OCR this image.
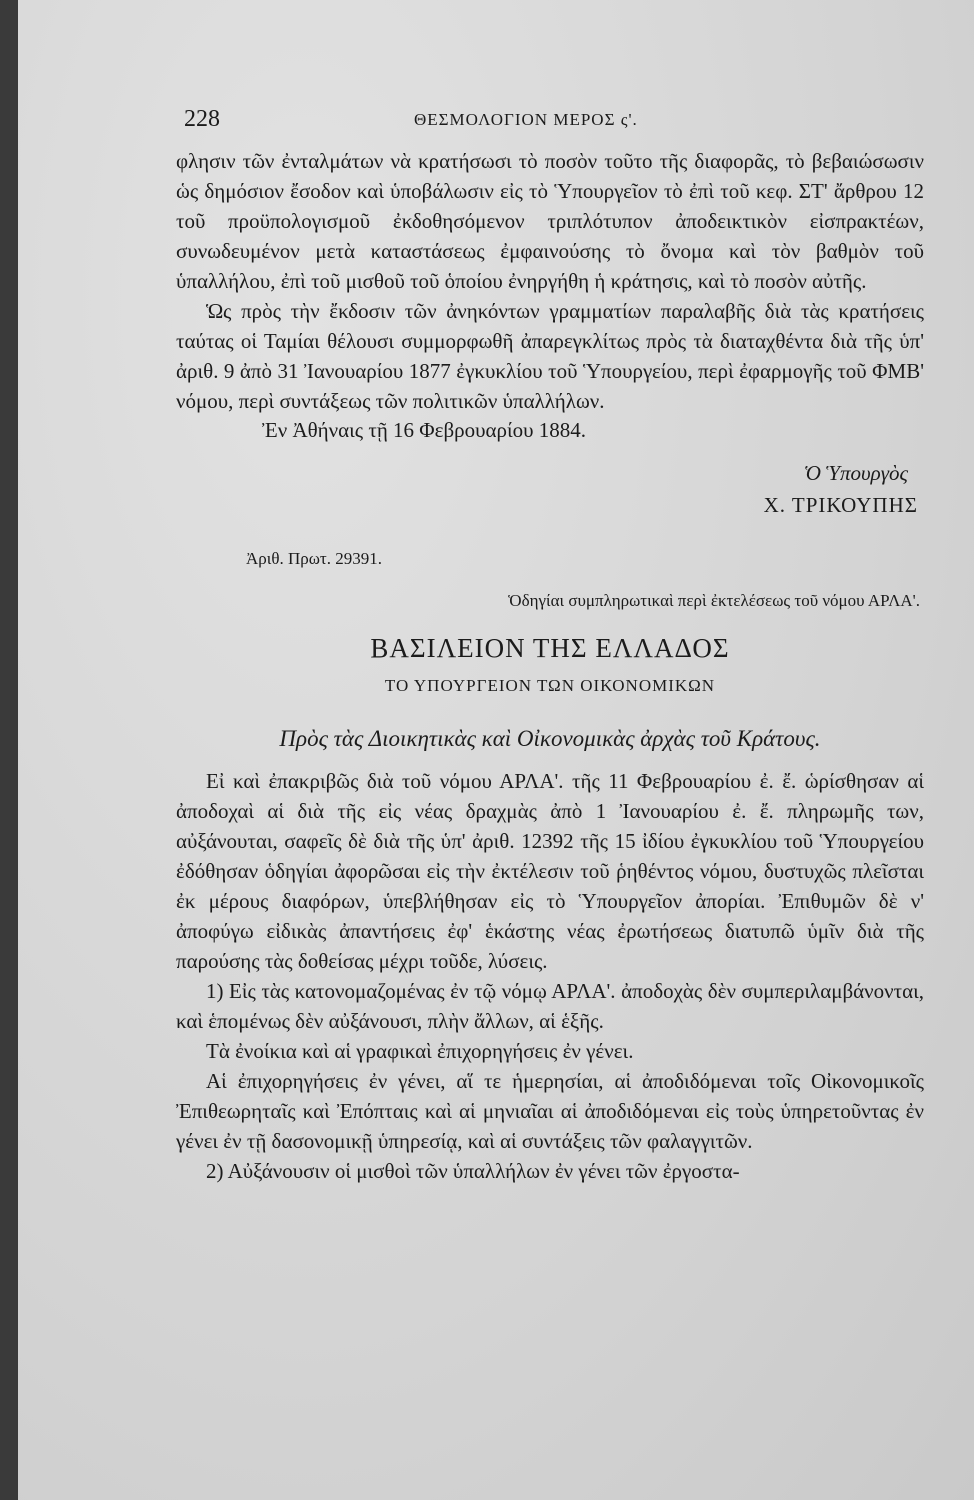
228	ΘΕΣΜΟΛΟΓΙΟΝ ΜΕΡΟΣ ς'.

φλησιν τῶν ἐνταλμάτων νὰ κρατήσωσι τὸ ποσὸν τοῦτο τῆς διαφορᾶς, τὸ βεβαιώσωσιν ὡς δημόσιον ἔσοδον καὶ ὑποβάλωσιν εἰς τὸ Ὑπουργεῖον τὸ ἐπὶ τοῦ κεφ. ΣΤ' ἄρθρου 12 τοῦ προϋπολογισμοῦ ἐκδοθησόμενον τριπλότυπον ἀποδεικτικὸν εἰσπρακτέων, συνωδευμένον μετὰ καταστάσεως ἐμφαινούσης τὸ ὄνομα καὶ τὸν βαθμὸν τοῦ ὑπαλλήλου, ἐπὶ τοῦ μισθοῦ τοῦ ὁποίου ἐνηργήθη ἡ κράτησις, καὶ τὸ ποσὸν αὐτῆς.

Ὡς πρὸς τὴν ἔκδοσιν τῶν ἀνηκόντων γραμματίων παραλαβῆς διὰ τὰς κρατήσεις ταύτας οἱ Ταμίαι θέλουσι συμμορφωθῆ ἀπαρεγκλίτως πρὸς τὰ διαταχθέντα διὰ τῆς ὑπ' ἀριθ. 9 ἀπὸ 31 Ἰανουαρίου 1877 ἐγκυκλίου τοῦ Ὑπουργείου, περὶ ἐφαρμογῆς τοῦ ΦΜΒ' νόμου, περὶ συντάξεως τῶν πολιτικῶν ὑπαλλήλων.

Ἐν Ἀθήναις τῇ 16 Φεβρουαρίου 1884.
Ὁ Ὑπουργὸς
Χ. ΤΡΙΚΟΥΠΗΣ
Ἀριθ. Πρωτ. 29391.
Ὁδηγίαι συμπληρωτικαὶ περὶ ἐκτελέσεως τοῦ νόμου ΑΡΛΑ'.
ΒΑΣΙΛΕΙΟΝ ΤΗΣ ΕΛΛΑΔΟΣ
ΤΟ ΥΠΟΥΡΓΕΙΟΝ ΤΩΝ ΟΙΚΟΝΟΜΙΚΩΝ
Πρὸς τὰς Διοικητικὰς καὶ Οἰκονομικὰς ἀρχὰς τοῦ Κράτους.

Εἰ καὶ ἐπακριβῶς διὰ τοῦ νόμου ΑΡΛΑ'. τῆς 11 Φεβρουαρίου ἐ. ἔ. ὡρίσθησαν αἱ ἀποδοχαὶ αἱ διὰ τῆς εἰς νέας δραχμὰς ἀπὸ 1 Ἰανουαρίου ἐ. ἔ. πληρωμῆς των, αὐξάνουται, σαφεῖς δὲ διὰ τῆς ὑπ' ἀριθ. 12392 τῆς 15 ἰδίου ἐγκυκλίου τοῦ Ὑπουργείου ἐδόθησαν ὁδηγίαι ἀφορῶσαι εἰς τὴν ἐκτέλεσιν τοῦ ῥηθέντος νόμου, δυστυχῶς πλεῖσται ἐκ μέρους διαφόρων, ὑπεβλήθησαν εἰς τὸ Ὑπουργεῖον ἀπορίαι. Ἐπιθυμῶν δὲ ν' ἀποφύγω εἰδικὰς ἀπαντήσεις ἐφ' ἑκάστης νέας ἐρωτήσεως διατυπῶ ὑμῖν διὰ τῆς παρούσης τὰς δοθείσας μέχρι τοῦδε, λύσεις.

1) Εἰς τὰς κατονομαζομένας ἐν τῷ νόμῳ ΑΡΛΑ'. ἀποδοχὰς δὲν συμπεριλαμβάνονται, καὶ ἑπομένως δὲν αὐξάνουσι, πλὴν ἄλλων, αἱ ἑξῆς.

Τὰ ἐνοίκια καὶ αἱ γραφικαὶ ἐπιχορηγήσεις ἐν γένει.

Αἱ ἐπιχορηγήσεις ἐν γένει, αἵ τε ἡμερησίαι, αἱ ἀποδιδόμεναι τοῖς Οἰκονομικοῖς Ἐπιθεωρηταῖς καὶ Ἐπόπταις καὶ αἱ μηνιαῖαι αἱ ἀποδιδόμεναι εἰς τοὺς ὑπηρετοῦντας ἐν γένει ἐν τῇ δασονομικῇ ὑπηρεσίᾳ, καὶ αἱ συντάξεις τῶν φαλαγγιτῶν.

2) Αὐξάνουσιν οἱ μισθοὶ τῶν ὑπαλλήλων ἐν γένει τῶν ἐργοστα-
